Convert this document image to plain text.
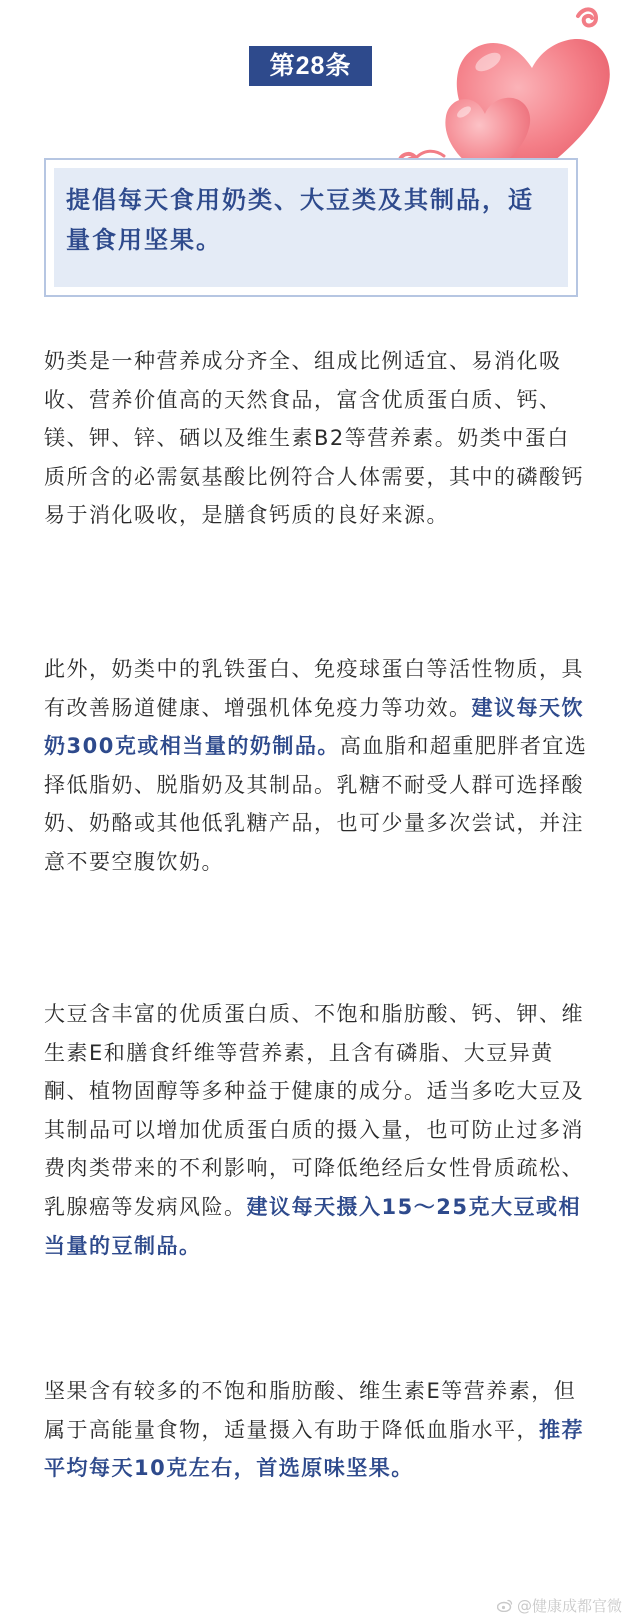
第28条
提倡每天食用奶类、大豆类及其制品，适量食用坚果。

奶类是一种营养成分齐全、组成比例适宜、易消化吸收、营养价值高的天然食品，富含优质蛋白质、钙、镁、钾、锌、硒以及维生素B2等营养素。奶类中蛋白质所含的必需氨基酸比例符合人体需要，其中的磷酸钙易于消化吸收，是膳食钙质的良好来源。

此外，奶类中的乳铁蛋白、免疫球蛋白等活性物质，具有改善肠道健康、增强机体免疫力等功效。建议每天饮奶300克或相当量的奶制品。高血脂和超重肥胖者宜选择低脂奶、脱脂奶及其制品。乳糖不耐受人群可选择酸奶、奶酪或其他低乳糖产品，也可少量多次尝试，并注意不要空腹饮奶。

大豆含丰富的优质蛋白质、不饱和脂肪酸、钙、钾、维生素E和膳食纤维等营养素，且含有磷脂、大豆异黄酮、植物固醇等多种益于健康的成分。适当多吃大豆及其制品可以增加优质蛋白质的摄入量，也可防止过多消费肉类带来的不利影响，可降低绝经后女性骨质疏松、乳腺癌等发病风险。建议每天摄入15～25克大豆或相当量的豆制品。

坚果含有较多的不饱和脂肪酸、维生素E等营养素，但属于高能量食物，适量摄入有助于降低血脂水平，推荐平均每天10克左右，首选原味坚果。

@健康成都官微
